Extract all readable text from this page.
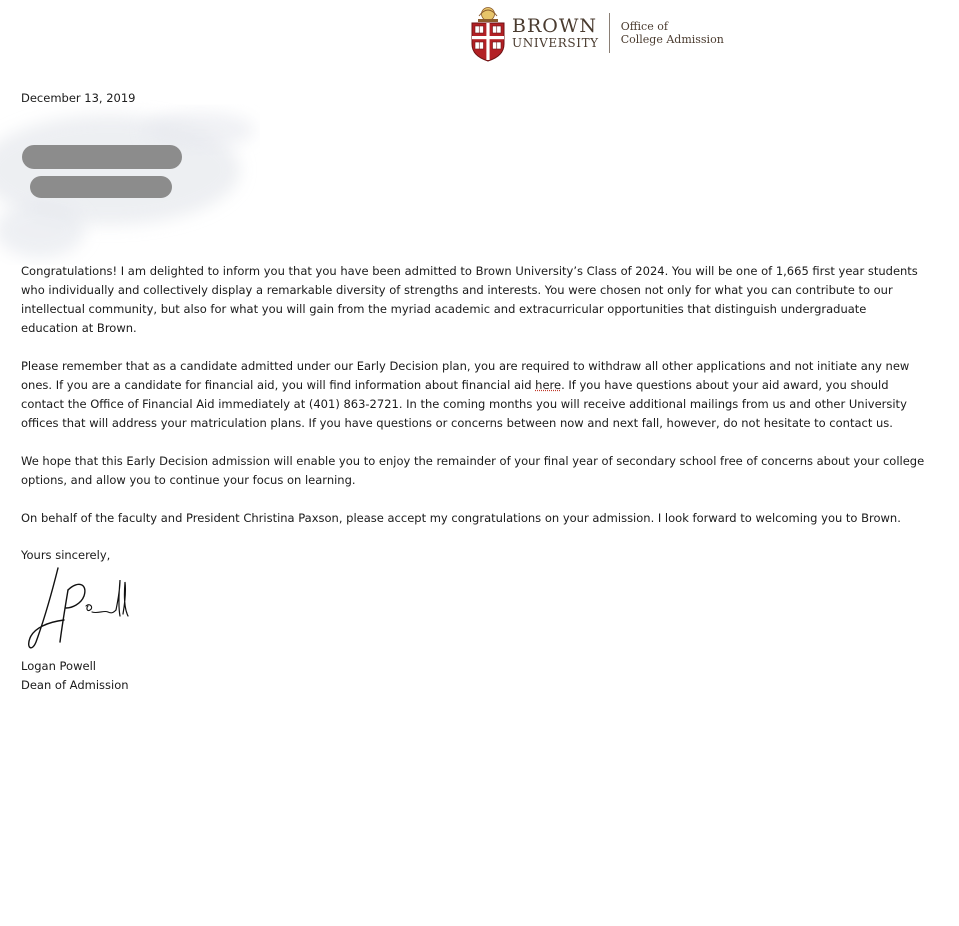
BROWN
UNIVERSITY
Office of
College Admission
December 13, 2019

Congratulations! I am delighted to inform you that you have been admitted to Brown University’s Class of 2024. You will be one of 1,665 first year students who individually and collectively display a remarkable diversity of strengths and interests. You were chosen not only for what you can contribute to our intellectual community, but also for what you will gain from the myriad academic and extracurricular opportunities that distinguish undergraduate education at Brown.

Please remember that as a candidate admitted under our Early Decision plan, you are required to withdraw all other applications and not initiate any new ones. If you are a candidate for financial aid, you will find information about financial aid here. If you have questions about your aid award, you should contact the Office of Financial Aid immediately at (401) 863-2721. In the coming months you will receive additional mailings from us and other University offices that will address your matriculation plans. If you have questions or concerns between now and next fall, however, do not hesitate to contact us.

We hope that this Early Decision admission will enable you to enjoy the remainder of your final year of secondary school free of concerns about your college options, and allow you to continue your focus on learning.

On behalf of the faculty and President Christina Paxson, please accept my congratulations on your admission. I look forward to welcoming you to Brown.

Yours sincerely,
Logan Powell
Dean of Admission
